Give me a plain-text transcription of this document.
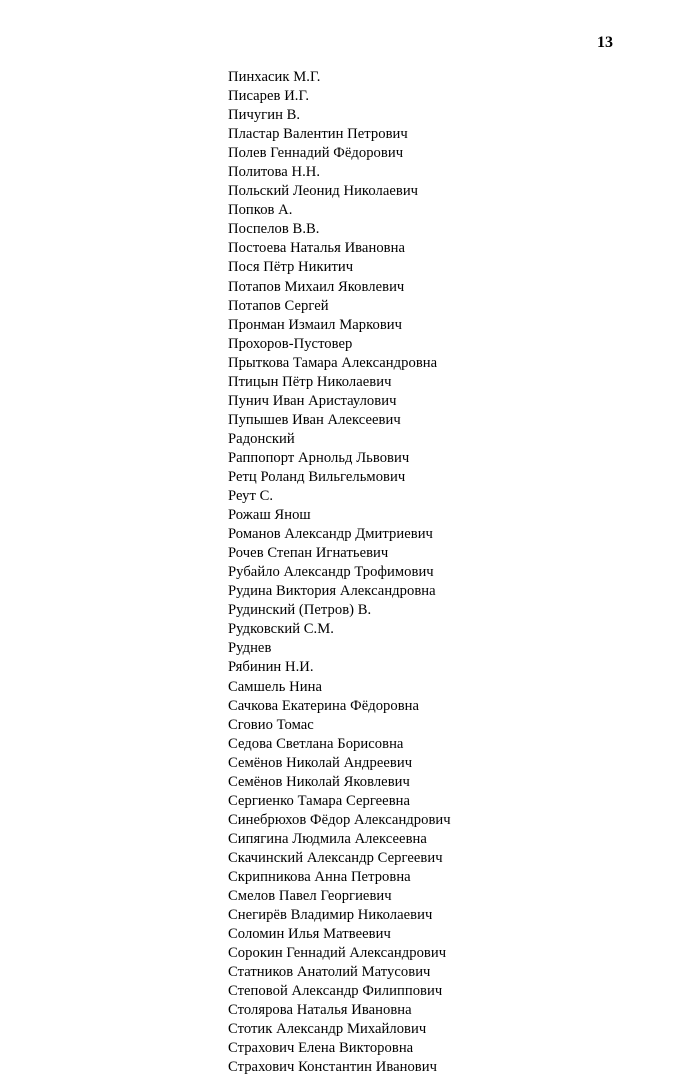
13
Пинхасик М.Г.
Писарев И.Г.
Пичугин В.
Пластар Валентин Петрович
Полев Геннадий Фёдорович
Политова Н.Н.
Польский Леонид Николаевич
Попков А.
Поспелов В.В.
Постоева Наталья Ивановна
Пося Пётр Никитич
Потапов Михаил Яковлевич
Потапов Сергей
Пронман Измаил Маркович
Прохоров-Пустовер
Прыткова Тамара Александровна
Птицын Пётр Николаевич
Пунич Иван Аристаулович
Пупышев Иван Алексеевич
Радонский
Раппопорт Арнольд Львович
Ретц Роланд Вильгельмович
Реут С.
Рожаш Янош
Романов Александр Дмитриевич
Рочев Степан Игнатьевич
Рубайло Александр Трофимович
Рудина Виктория Александровна
Рудинский (Петров) В.
Рудковский С.М.
Руднев
Рябинин Н.И.
Самшель Нина
Сачкова Екатерина Фёдоровна
Сговио Томас
Седова Светлана Борисовна
Семёнов Николай Андреевич
Семёнов Николай Яковлевич
Сергиенко Тамара Сергеевна
Синебрюхов Фёдор Александрович
Сипягина Людмила Алексеевна
Скачинский Александр Сергеевич
Скрипникова Анна Петровна
Смелов Павел Георгиевич
Снегирёв Владимир Николаевич
Соломин Илья Матвеевич
Сорокин Геннадий Александрович
Статников Анатолий Матусович
Степовой Александр Филиппович
Столярова Наталья Ивановна
Стотик Александр Михайлович
Страхович Елена Викторовна
Страхович Константин Иванович
